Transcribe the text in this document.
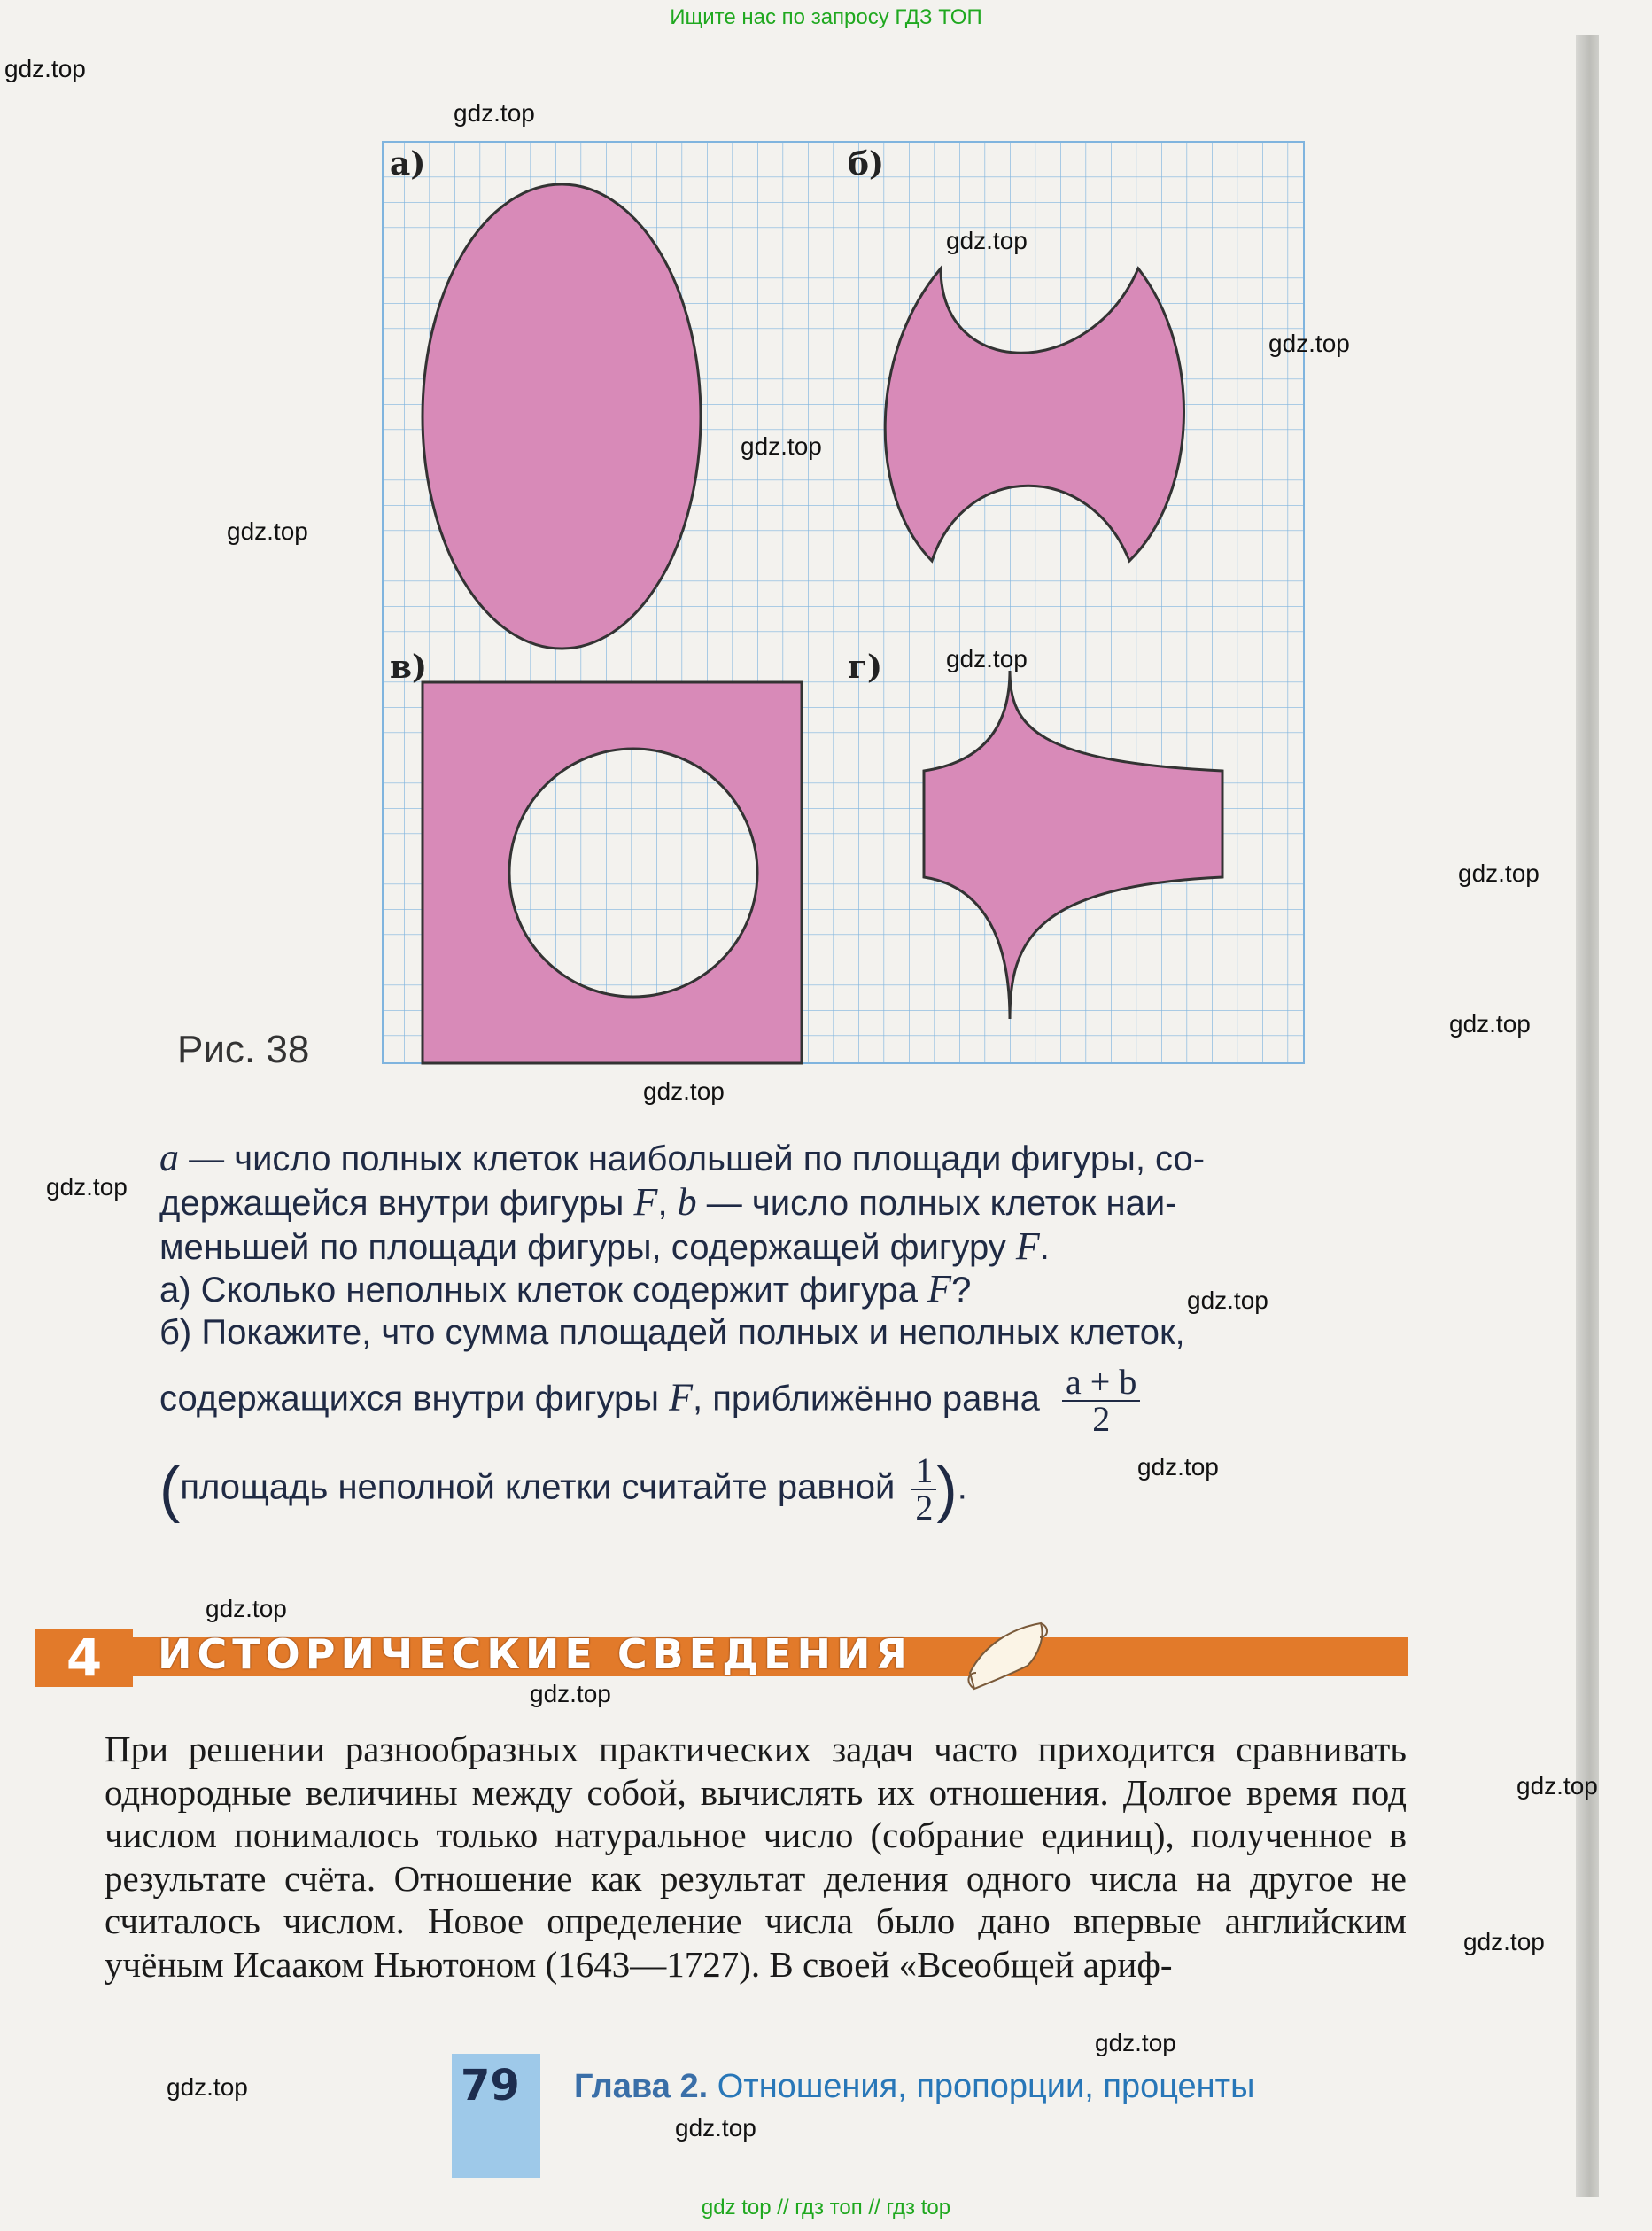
Ищите нас по запросу ГДЗ ТОП
а)	б)
в)	г)
Рис. 38
a — число полных клеток наибольшей по площади фигуры, со-
держащейся внутри фигуры F, b — число полных клеток наи-
меньшей по площади фигуры, содержащей фигуру F.
а) Сколько неполных клеток содержит фигура F?
б) Покажите, что сумма площадей полных и неполных клеток,
содержащихся внутри фигуры F, приближённо равна $\frac{a + b}{2}$
(площадь неполной клетки считайте равной $\frac{1}{2}$ ).
4	ИСТОРИЧЕСКИЕ СВЕДЕНИЯ
При решении разнообразных практических задач часто приходится сравнивать однородные величины между собой, вычислять их отношения. Долгое время под числом понималось только натуральное число (собрание единиц), полученное в результате счёта. Отношение как результат деления одного числа на другое не считалось числом. Новое определение числа было дано впервые английским учёным Исааком Ньютоном (1643—1727). В своей «Всеобщей ариф-
79 Глава 2. Отношения, пропорции, проценты
gdz top // гдз топ // гдз top
gdz.top
gdz.top
gdz.top
gdz.top
gdz.top
gdz.top
gdz.top
gdz.top
gdz.top
gdz.top
gdz.top
gdz.top
gdz.top
gdz.top
gdz.top
gdz.top
gdz.top
gdz.top
gdz.top
gdz.top
